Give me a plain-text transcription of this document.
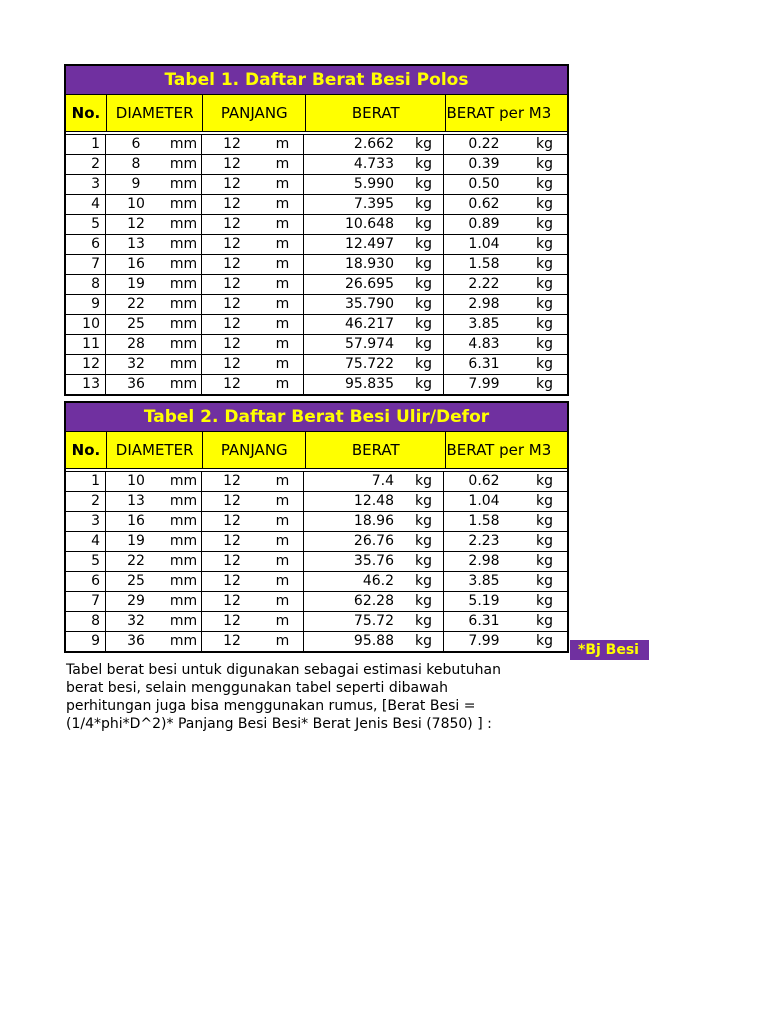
Tabel 1. Daftar Berat Besi Polos
No.	DIAMETER	PANJANG	BERAT	BERAT per M3
1	6	mm	12	m	2.662	kg	0.22	kg
2	8	mm	12	m	4.733	kg	0.39	kg
3	9	mm	12	m	5.990	kg	0.50	kg
4	10	mm	12	m	7.395	kg	0.62	kg
5	12	mm	12	m	10.648	kg	0.89	kg
6	13	mm	12	m	12.497	kg	1.04	kg
7	16	mm	12	m	18.930	kg	1.58	kg
8	19	mm	12	m	26.695	kg	2.22	kg
9	22	mm	12	m	35.790	kg	2.98	kg
10	25	mm	12	m	46.217	kg	3.85	kg
11	28	mm	12	m	57.974	kg	4.83	kg
12	32	mm	12	m	75.722	kg	6.31	kg
13	36	mm	12	m	95.835	kg	7.99	kg
Tabel 2. Daftar Berat Besi Ulir/Defor
No.	DIAMETER	PANJANG	BERAT	BERAT per M3
1	10	mm	12	m	7.4	kg	0.62	kg
2	13	mm	12	m	12.48	kg	1.04	kg
3	16	mm	12	m	18.96	kg	1.58	kg
4	19	mm	12	m	26.76	kg	2.23	kg
5	22	mm	12	m	35.76	kg	2.98	kg
6	25	mm	12	m	46.2	kg	3.85	kg
7	29	mm	12	m	62.28	kg	5.19	kg
8	32	mm	12	m	75.72	kg	6.31	kg
9	36	mm	12	m	95.88	kg	7.99	kg
*Bj Besi
Tabel berat besi untuk digunakan sebagai estimasi kebutuhan
berat besi, selain menggunakan tabel seperti dibawah
perhitungan juga bisa menggunakan rumus, [Berat Besi =
(1/4*phi*D^2)* Panjang Besi Besi* Berat Jenis Besi (7850) ] :
